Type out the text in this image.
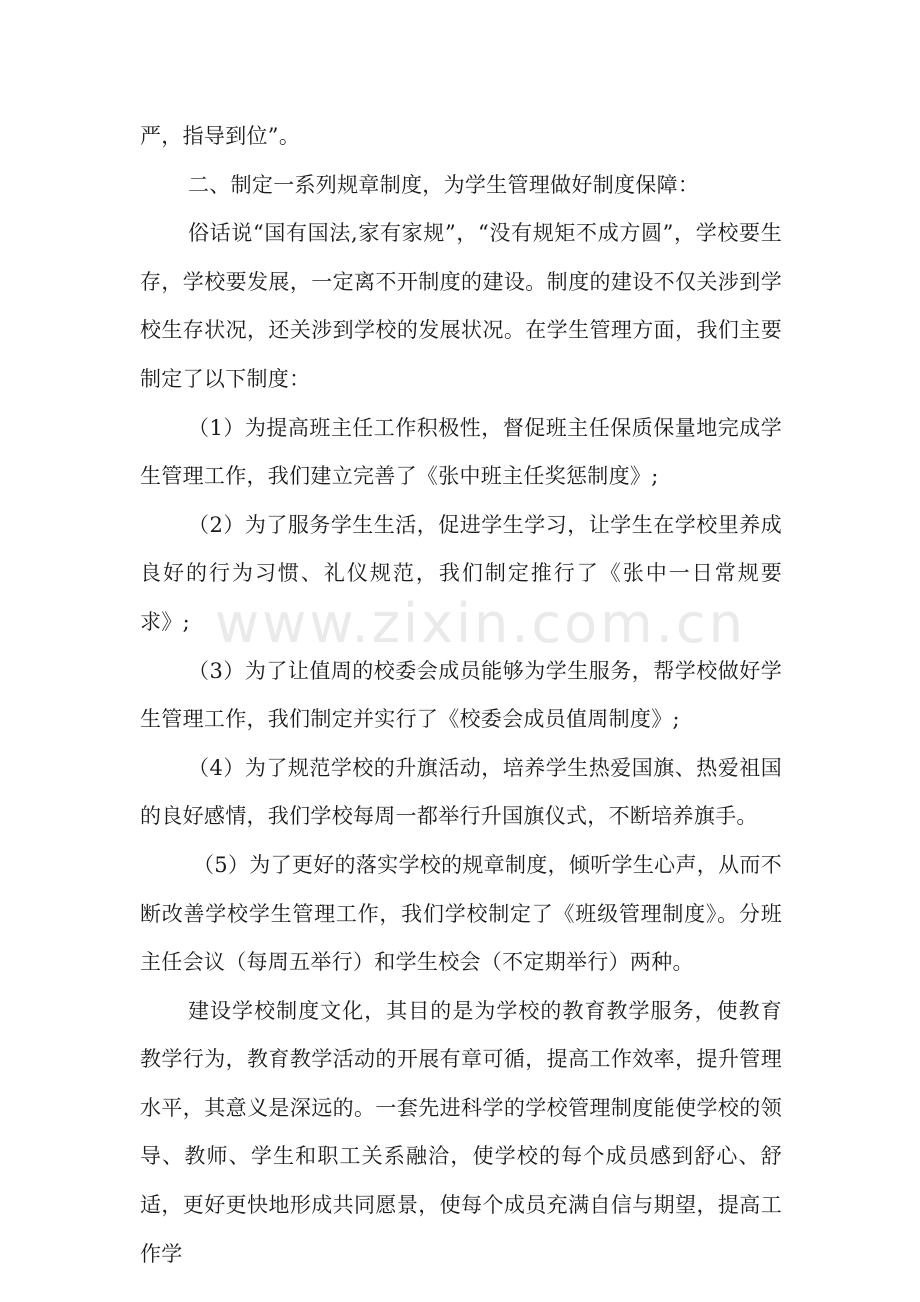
严，指导到位”。

二、制定一系列规章制度，为学生管理做好制度保障：

俗话说“国有国法,家有家规”，“没有规矩不成方圆”，学校要生存，学校要发展，一定离不开制度的建设。制度的建设不仅关涉到学校生存状况，还关涉到学校的发展状况。在学生管理方面，我们主要制定了以下制度：

（1）为提高班主任工作积极性，督促班主任保质保量地完成学生管理工作，我们建立完善了《张中班主任奖惩制度》;

（2）为了服务学生生活，促进学生学习，让学生在学校里养成良好的行为习惯、礼仪规范，我们制定推行了《张中一日常规要求》;

（3）为了让值周的校委会成员能够为学生服务，帮学校做好学生管理工作，我们制定并实行了《校委会成员值周制度》;

（4）为了规范学校的升旗活动，培养学生热爱国旗、热爱祖国的良好感情，我们学校每周一都举行升国旗仪式，不断培养旗手。

（5）为了更好的落实学校的规章制度，倾听学生心声，从而不断改善学校学生管理工作，我们学校制定了《班级管理制度》。分班主任会议（每周五举行）和学生校会（不定期举行）两种。

建设学校制度文化，其目的是为学校的教育教学服务，使教育教学行为，教育教学活动的开展有章可循，提高工作效率，提升管理水平，其意义是深远的。一套先进科学的学校管理制度能使学校的领导、教师、学生和职工关系融洽，使学校的每个成员感到舒心、舒适，更好更快地形成共同愿景，使每个成员充满自信与期望，提高工作学

www.zixin.com.cn
